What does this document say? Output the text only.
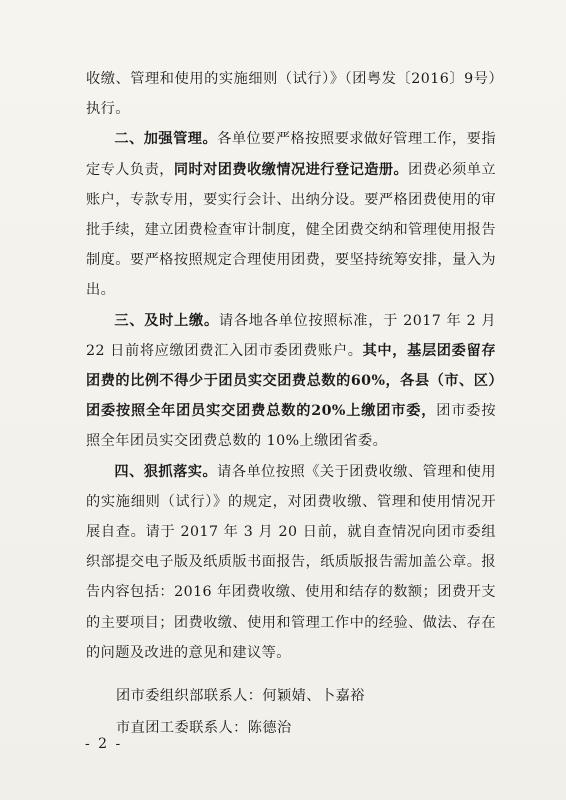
收缴、管理和使用的实施细则（试行）》（团粤发〔2016〕9号）执行。

二、加强管理。各单位要严格按照要求做好管理工作，要指定专人负责，同时对团费收缴情况进行登记造册。团费必须单立账户，专款专用，要实行会计、出纳分设。要严格团费使用的审批手续，建立团费检查审计制度，健全团费交纳和管理使用报告制度。要严格按照规定合理使用团费，要坚持统筹安排，量入为出。

三、及时上缴。请各地各单位按照标准，于 2017 年 2 月 22 日前将应缴团费汇入团市委团费账户。其中，基层团委留存团费的比例不得少于团员实交团费总数的60%，各县（市、区）团委按照全年团员实交团费总数的20%上缴团市委，团市委按照全年团员实交团费总数的 10%上缴团省委。

四、狠抓落实。请各单位按照《关于团费收缴、管理和使用的实施细则（试行）》的规定，对团费收缴、管理和使用情况开展自查。请于 2017 年 3 月 20 日前，就自查情况向团市委组织部提交电子版及纸质版书面报告，纸质版报告需加盖公章。报告内容包括：2016 年团费收缴、使用和结存的数额；团费开支的主要项目；团费收缴、使用和管理工作中的经验、做法、存在的问题及改进的意见和建议等。

团市委组织部联系人：何颖婧、卜嘉裕
市直团工委联系人：陈德治
- 2 -
